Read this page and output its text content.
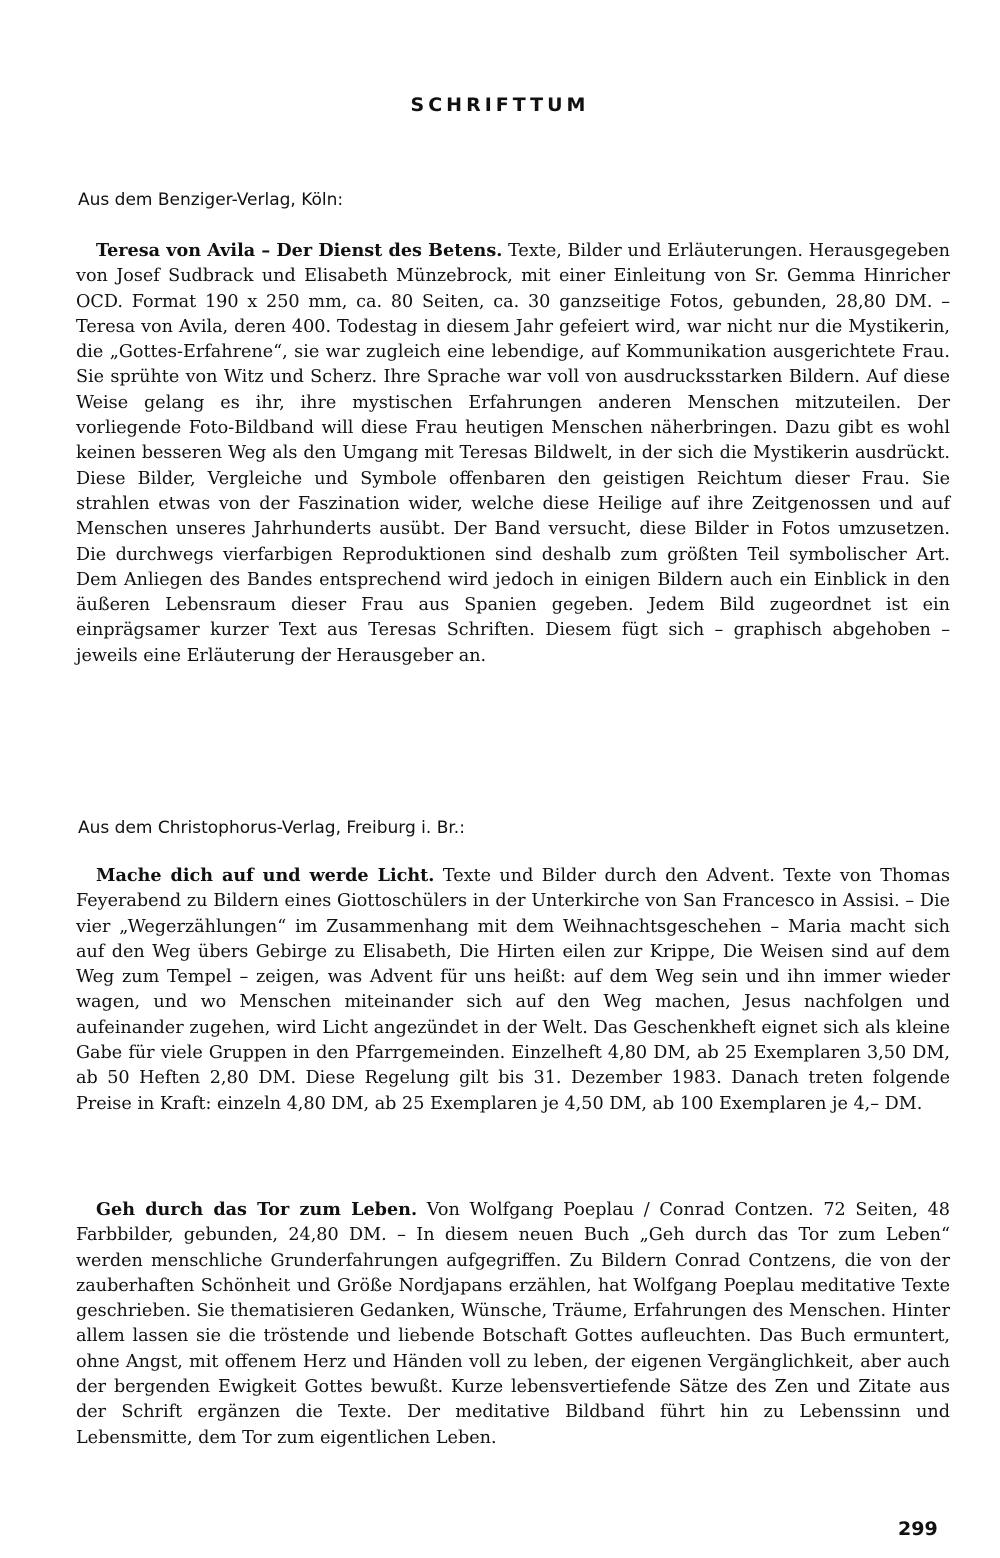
SCHRIFTTUM
Aus dem Benziger-Verlag, Köln:
Teresa von Avila – Der Dienst des Betens. Texte, Bilder und Erläuterungen. Herausgegeben von Josef Sudbrack und Elisabeth Münzebrock, mit einer Einleitung von Sr. Gemma Hinricher OCD. Format 190 x 250 mm, ca. 80 Seiten, ca. 30 ganzseitige Fotos, gebunden, 28,80 DM. – Teresa von Avila, deren 400. Todestag in diesem Jahr gefeiert wird, war nicht nur die Mystikerin, die „Gottes-Erfahrene“, sie war zugleich eine lebendige, auf Kommunikation ausgerichtete Frau. Sie sprühte von Witz und Scherz. Ihre Sprache war voll von ausdrucksstarken Bildern. Auf diese Weise gelang es ihr, ihre mystischen Erfahrungen anderen Menschen mitzuteilen. Der vorliegende Foto-Bildband will diese Frau heutigen Menschen näherbringen. Dazu gibt es wohl keinen besseren Weg als den Umgang mit Teresas Bildwelt, in der sich die Mystikerin ausdrückt. Diese Bilder, Vergleiche und Symbole offenbaren den geistigen Reichtum dieser Frau. Sie strahlen etwas von der Faszination wider, welche diese Heilige auf ihre Zeitgenossen und auf Menschen unseres Jahrhunderts ausübt. Der Band versucht, diese Bilder in Fotos umzusetzen. Die durchwegs vierfarbigen Reproduktionen sind deshalb zum größten Teil symbolischer Art. Dem Anliegen des Bandes entsprechend wird jedoch in einigen Bildern auch ein Einblick in den äußeren Lebensraum dieser Frau aus Spanien gegeben. Jedem Bild zugeordnet ist ein einprägsamer kurzer Text aus Teresas Schriften. Diesem fügt sich – graphisch abgehoben – jeweils eine Erläuterung der Herausgeber an.
Aus dem Christophorus-Verlag, Freiburg i. Br.:
Mache dich auf und werde Licht. Texte und Bilder durch den Advent. Texte von Thomas Feyerabend zu Bildern eines Giottoschülers in der Unterkirche von San Francesco in Assisi. – Die vier „Wegerzählungen“ im Zusammenhang mit dem Weihnachtsgeschehen – Maria macht sich auf den Weg übers Gebirge zu Elisabeth, Die Hirten eilen zur Krippe, Die Weisen sind auf dem Weg zum Tempel – zeigen, was Advent für uns heißt: auf dem Weg sein und ihn immer wieder wagen, und wo Menschen miteinander sich auf den Weg machen, Jesus nachfolgen und aufeinander zugehen, wird Licht angezündet in der Welt. Das Geschenkheft eignet sich als kleine Gabe für viele Gruppen in den Pfarrgemeinden. Einzelheft 4,80 DM, ab 25 Exemplaren 3,50 DM, ab 50 Heften 2,80 DM. Diese Regelung gilt bis 31. Dezember 1983. Danach treten folgende Preise in Kraft: einzeln 4,80 DM, ab 25 Exemplaren je 4,50 DM, ab 100 Exemplaren je 4,– DM.
Geh durch das Tor zum Leben. Von Wolfgang Poeplau / Conrad Contzen. 72 Seiten, 48 Farbbilder, gebunden, 24,80 DM. – In diesem neuen Buch „Geh durch das Tor zum Leben“ werden menschliche Grunderfahrungen aufgegriffen. Zu Bildern Conrad Contzens, die von der zauberhaften Schönheit und Größe Nordjapans erzählen, hat Wolfgang Poeplau meditative Texte geschrieben. Sie thematisieren Gedanken, Wünsche, Träume, Erfahrungen des Menschen. Hinter allem lassen sie die tröstende und liebende Botschaft Gottes aufleuchten. Das Buch ermuntert, ohne Angst, mit offenem Herz und Händen voll zu leben, der eigenen Vergänglichkeit, aber auch der bergenden Ewigkeit Gottes bewußt. Kurze lebensvertiefende Sätze des Zen und Zitate aus der Schrift ergänzen die Texte. Der meditative Bildband führt hin zu Lebenssinn und Lebensmitte, dem Tor zum eigentlichen Leben.
299
